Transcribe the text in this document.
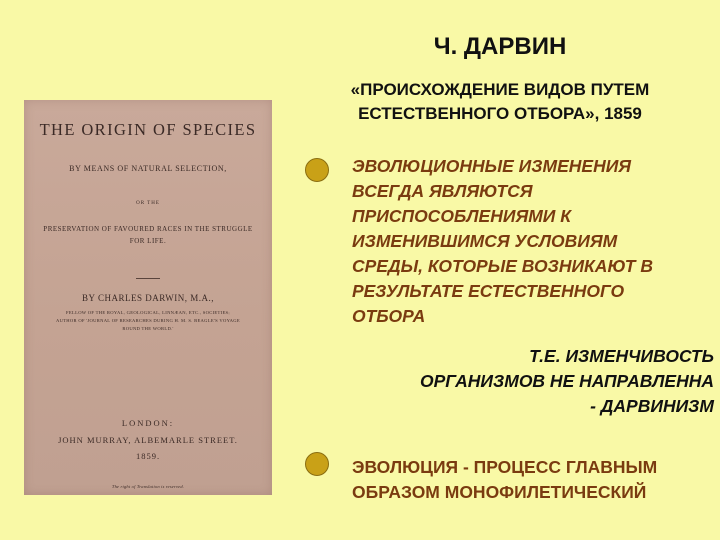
THE ORIGIN OF SPECIES
BY MEANS OF NATURAL SELECTION,
OR THE
PRESERVATION OF FAVOURED RACES IN THE STRUGGLE
FOR LIFE.
BY CHARLES DARWIN, M.A.,
FELLOW OF THE ROYAL, GEOLOGICAL, LINNÆAN, ETC., SOCIETIES;
AUTHOR OF 'JOURNAL OF RESEARCHES DURING H. M. S. BEAGLE'S VOYAGE
ROUND THE WORLD.'
LONDON:
JOHN MURRAY, ALBEMARLE STREET.
1859.
The right of Translation is reserved.
Ч. ДАРВИН
«ПРОИСХОЖДЕНИЕ ВИДОВ ПУТЕМ
ЕСТЕСТВЕННОГО ОТБОРА», 1859
ЭВОЛЮЦИОННЫЕ ИЗМЕНЕНИЯ
ВСЕГДА ЯВЛЯЮТСЯ
ПРИСПОСОБЛЕНИЯМИ К
ИЗМЕНИВШИМСЯ УСЛОВИЯМ
СРЕДЫ, КОТОРЫЕ ВОЗНИКАЮТ В
РЕЗУЛЬТАТЕ ЕСТЕСТВЕННОГО
ОТБОРА
Т.Е. ИЗМЕНЧИВОСТЬ
ОРГАНИЗМОВ НЕ НАПРАВЛЕННА
- ДАРВИНИЗМ
ЭВОЛЮЦИЯ - ПРОЦЕСС ГЛАВНЫМ
ОБРАЗОМ МОНОФИЛЕТИЧЕСКИЙ
